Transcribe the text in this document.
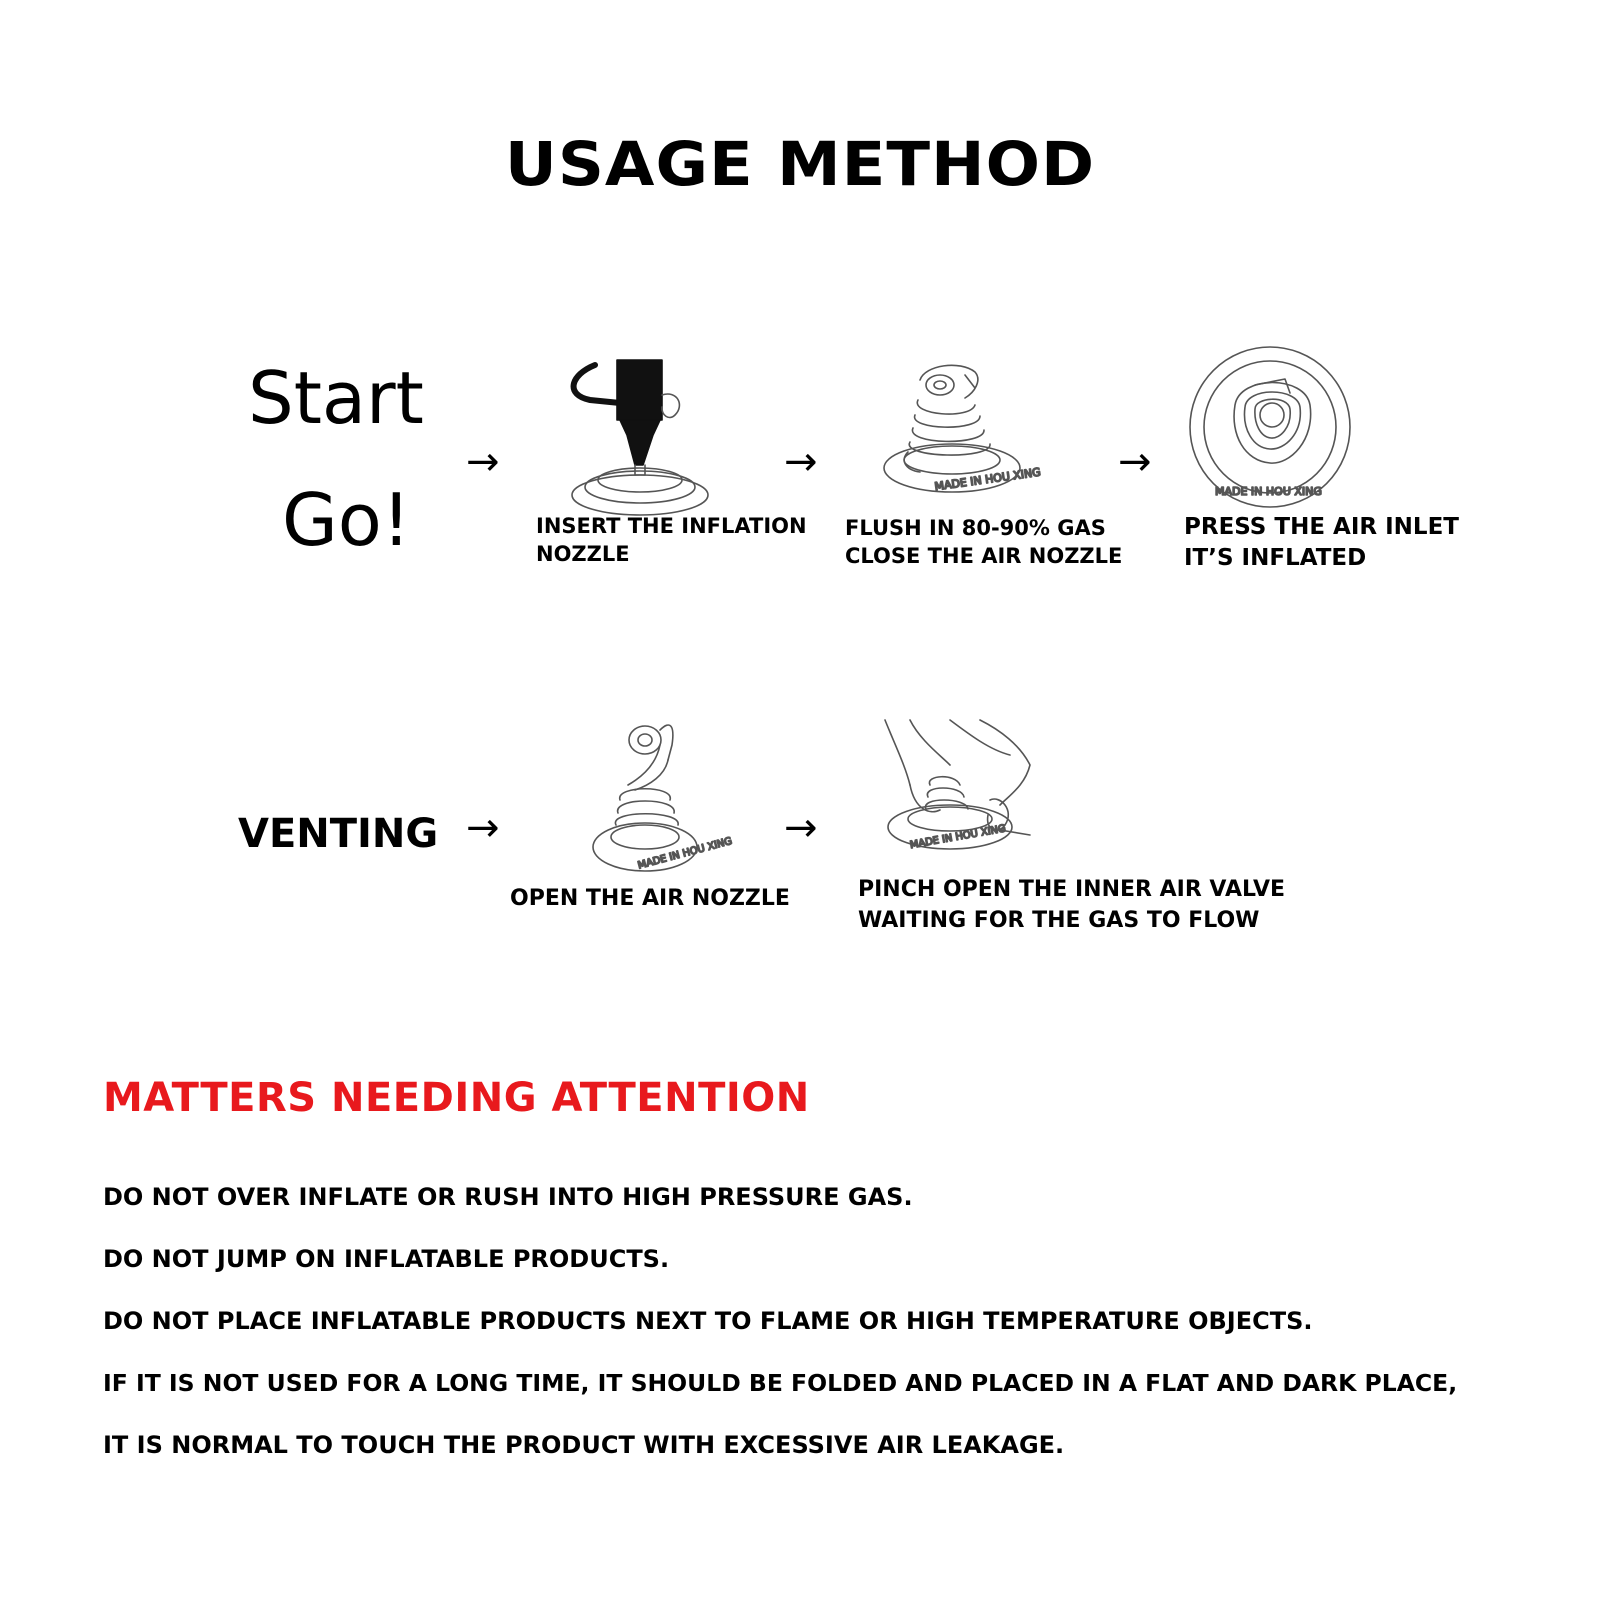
USAGE METHOD
Start
Go!
→	→	→
MADE IN HOU XING	MADE IN HOU XING
INSERT THE INFLATION
NOZZLE
FLUSH IN 80-90% GAS
CLOSE THE AIR NOZZLE
PRESS THE AIR INLET
IT’S INFLATED
VENTING →	→
MADE IN HOU XING	MADE IN HOU XING
OPEN THE AIR NOZZLE	PINCH OPEN THE INNER AIR VALVE
WAITING FOR THE GAS TO FLOW
MATTERS NEEDING ATTENTION
DO NOT OVER INFLATE OR RUSH INTO HIGH PRESSURE GAS.
DO NOT JUMP ON INFLATABLE PRODUCTS.
DO NOT PLACE INFLATABLE PRODUCTS NEXT TO FLAME OR HIGH TEMPERATURE OBJECTS.
IF IT IS NOT USED FOR A LONG TIME, IT SHOULD BE FOLDED AND PLACED IN A FLAT AND DARK PLACE,
IT IS NORMAL TO TOUCH THE PRODUCT WITH EXCESSIVE AIR LEAKAGE.
